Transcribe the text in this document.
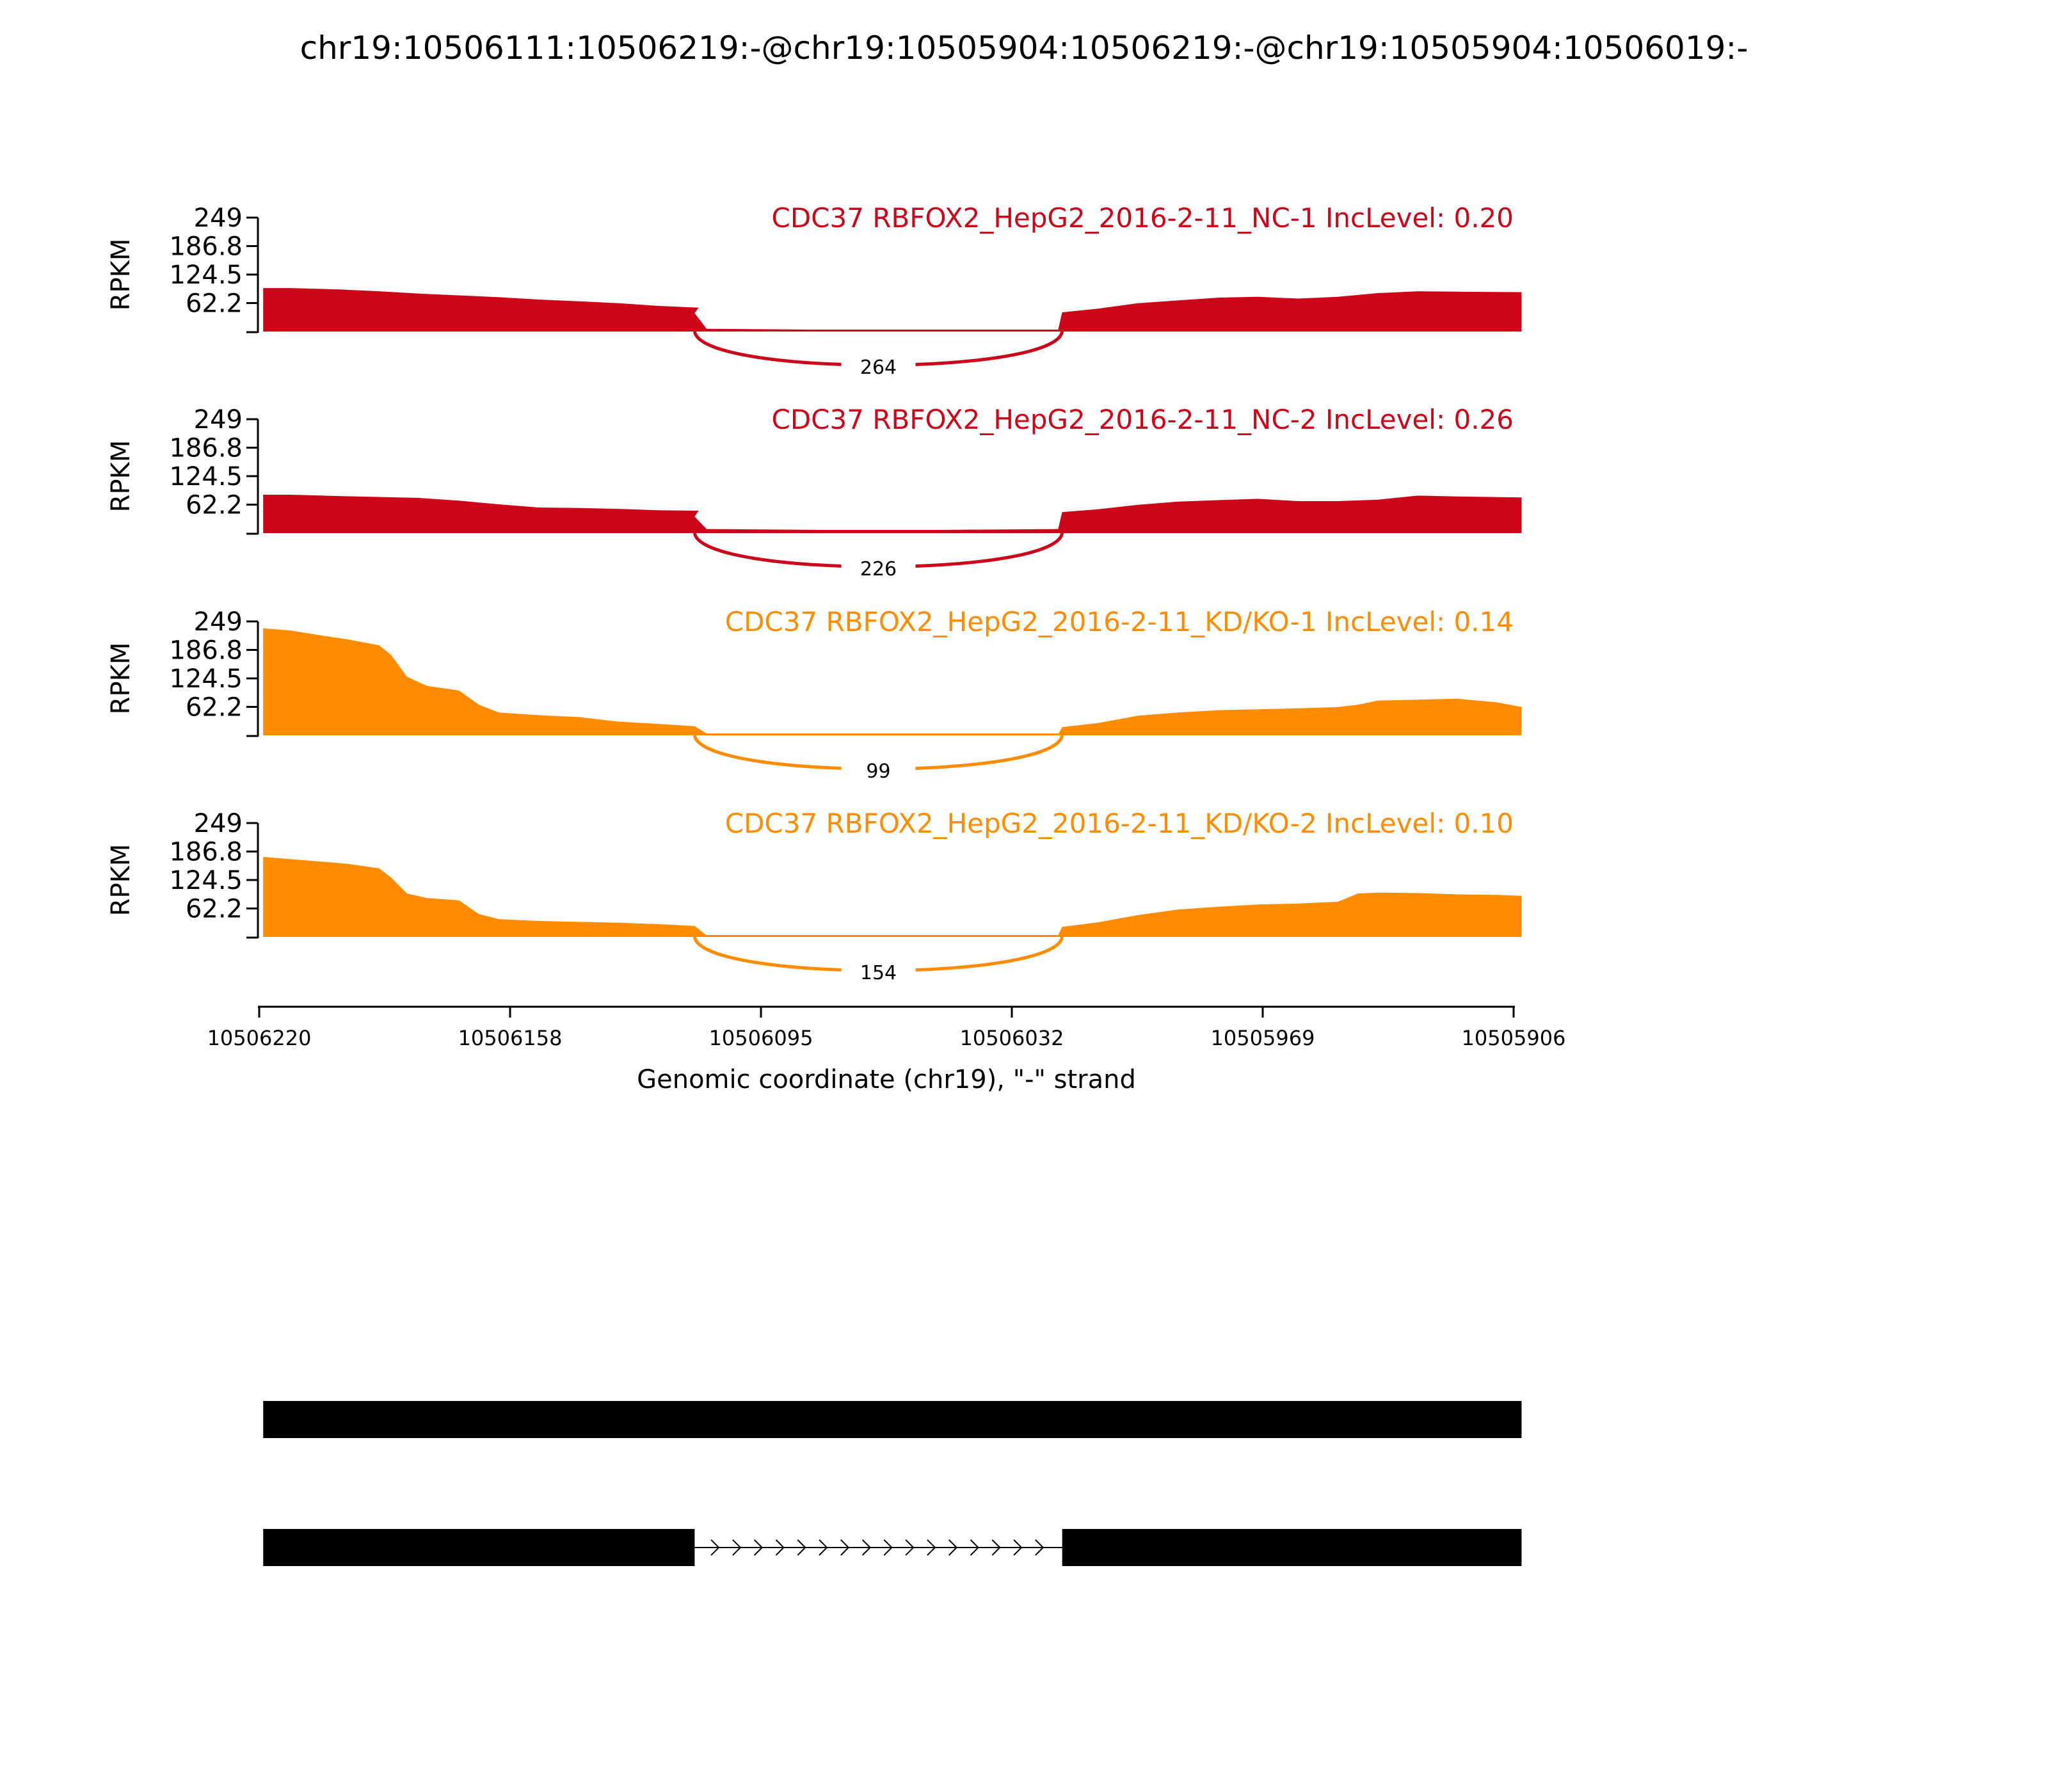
chr19:10506111:10506219:-@chr19:10505904:10506219:-@chr19:10505904:10506019:-
264
249
186.8
124.5
62.2
RPKM
CDC37 RBFOX2_HepG2_2016-2-11_NC-1 IncLevel: 0.20
226
249
186.8
124.5
62.2
RPKM
CDC37 RBFOX2_HepG2_2016-2-11_NC-2 IncLevel: 0.26
99
249
186.8
124.5
62.2
RPKM
CDC37 RBFOX2_HepG2_2016-2-11_KD/KO-1 IncLevel: 0.14
154
249
186.8
124.5
62.2
RPKM
CDC37 RBFOX2_HepG2_2016-2-11_KD/KO-2 IncLevel: 0.10
10506220	10506158	10506095	10506032	10505969	10505906
Genomic coordinate (chr19), "-" strand
